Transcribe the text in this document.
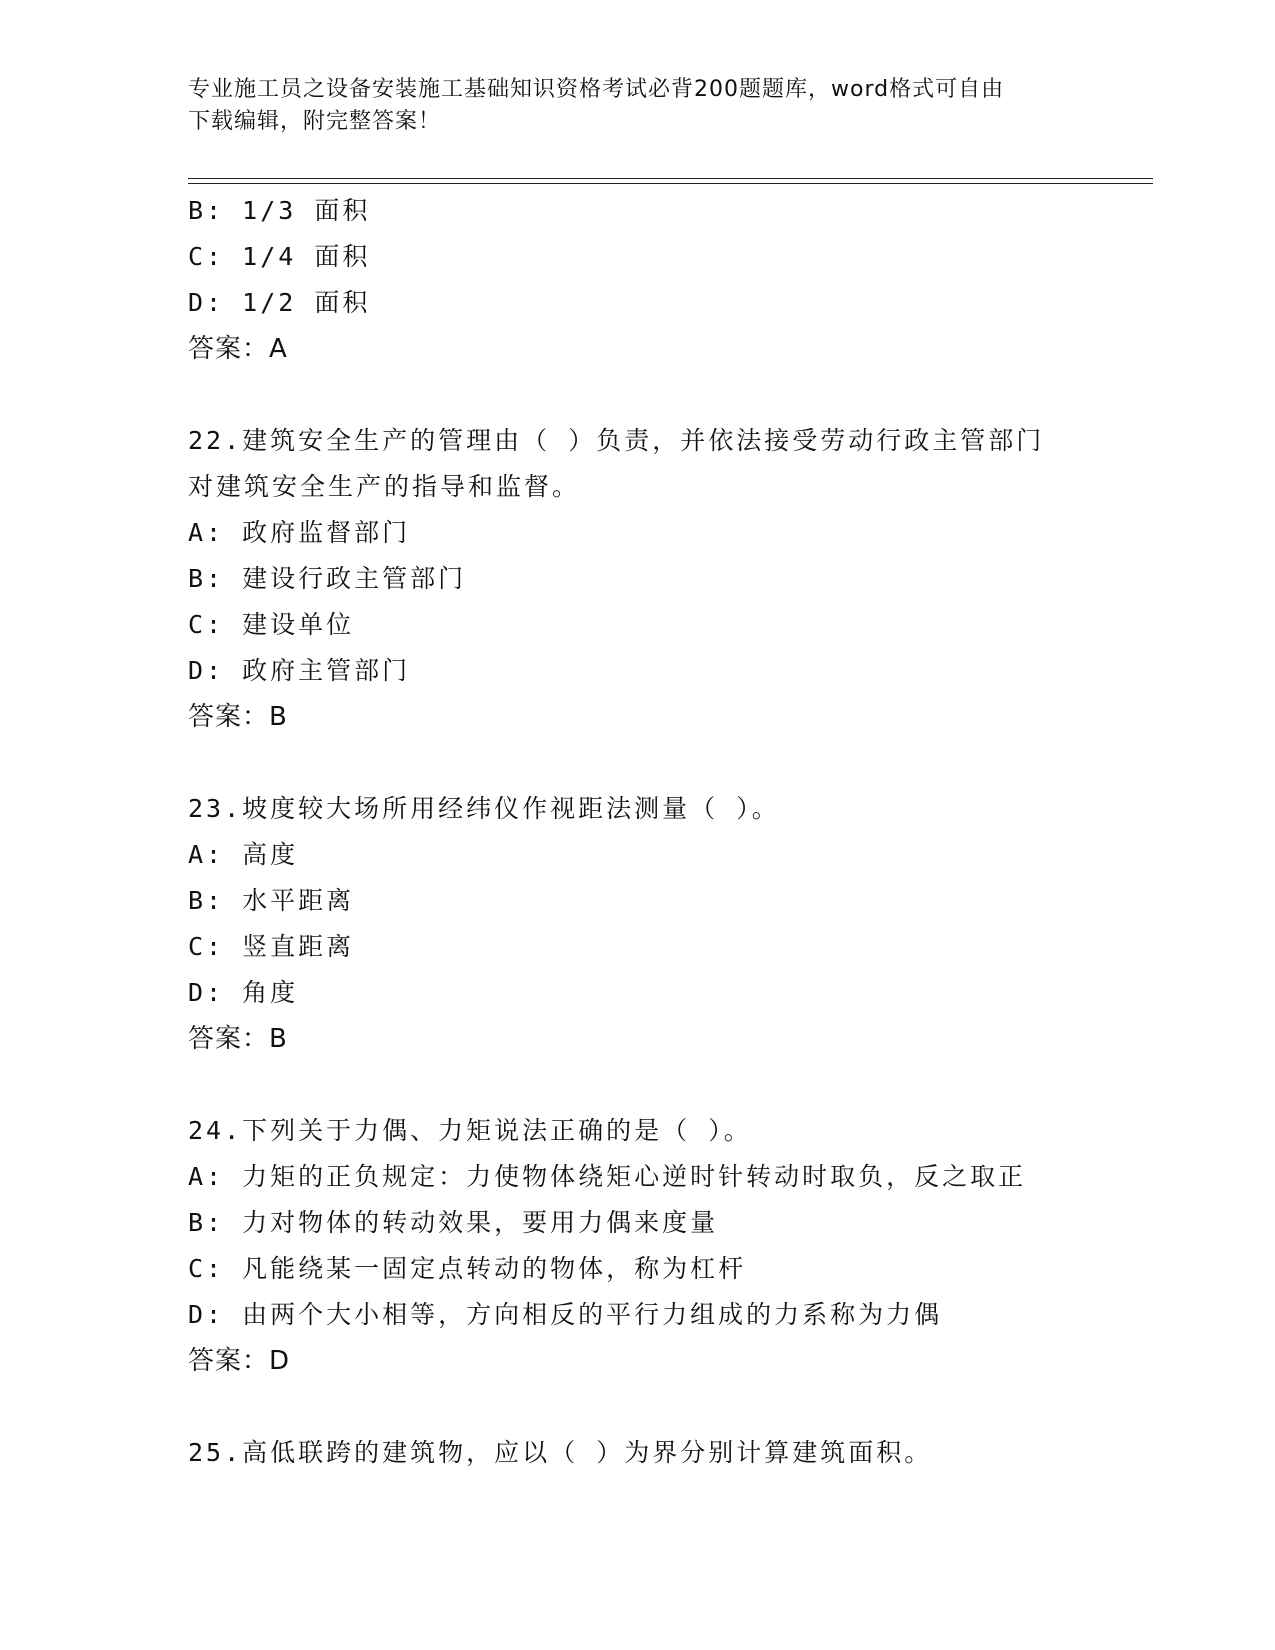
专业施工员之设备安装施工基础知识资格考试必背200题题库，word格式可自由
下载编辑，附完整答案！
B: 1/3 面积
C: 1/4 面积
D: 1/2 面积
答案：A
22.建筑安全生产的管理由（ ）负责，并依法接受劳动行政主管部门
对建筑安全生产的指导和监督。
A: 政府监督部门
B: 建设行政主管部门
C: 建设单位
D: 政府主管部门
答案：B
23.坡度较大场所用经纬仪作视距法测量（ ）。
A: 高度
B: 水平距离
C: 竖直距离
D: 角度
答案：B
24.下列关于力偶、力矩说法正确的是（ ）。
A: 力矩的正负规定：力使物体绕矩心逆时针转动时取负，反之取正
B: 力对物体的转动效果，要用力偶来度量
C: 凡能绕某一固定点转动的物体，称为杠杆
D: 由两个大小相等，方向相反的平行力组成的力系称为力偶
答案：D
25.高低联跨的建筑物，应以（ ）为界分别计算建筑面积。
